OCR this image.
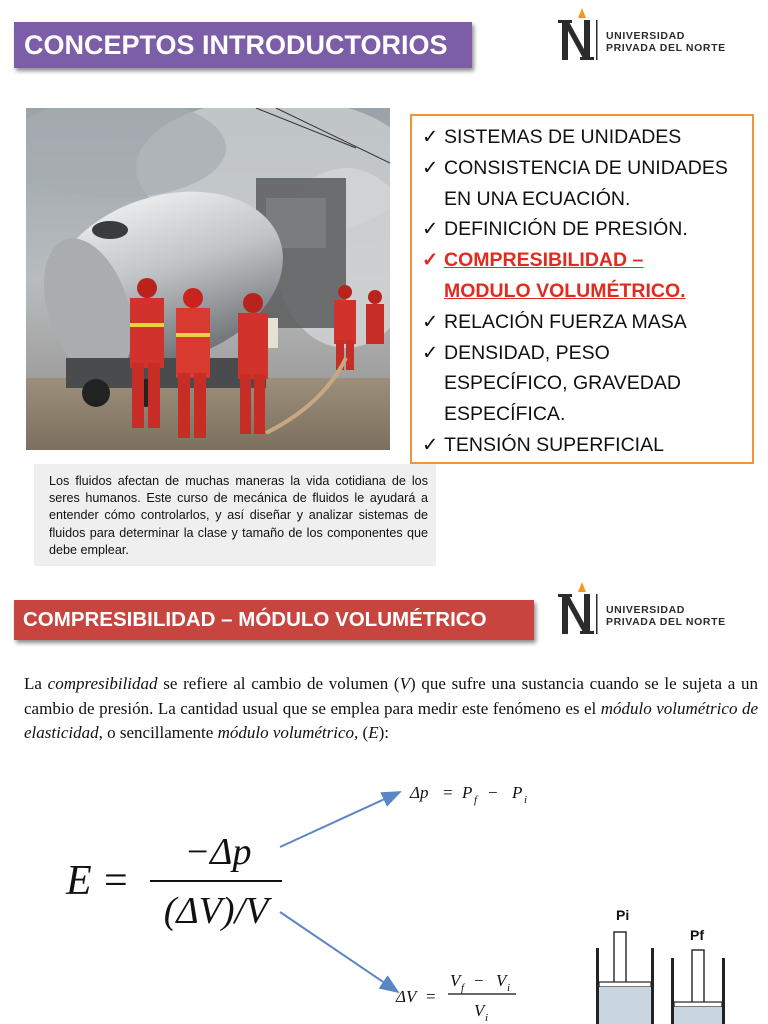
CONCEPTOS INTRODUCTORIOS	UNIVERSIDAD
PRIVADA DEL NORTE
✓ SISTEMAS DE UNIDADES
✓ CONSISTENCIA DE UNIDADES
EN UNA ECUACIÓN.
✓ DEFINICIÓN DE PRESIÓN.
✓ COMPRESIBILIDAD –
MODULO VOLUMÉTRICO.
✓ RELACIÓN FUERZA MASA
✓ DENSIDAD, PESO
ESPECÍFICO, GRAVEDAD
ESPECÍFICA.
✓ TENSIÓN SUPERFICIAL
Los fluidos afectan de muchas maneras la vida cotidiana de los seres humanos. Este curso de mecánica de fluidos le ayudará a entender cómo controlarlos, y así diseñar y analizar sistemas de fluidos para determinar la clase y tamaño de los componentes que debe emplear.
COMPRESIBILIDAD – MÓDULO VOLUMÉTRICO	UNIVERSIDAD
PRIVADA DEL NORTE
La compresibilidad se refiere al cambio de volumen (V) que sufre una sustancia cuando se le sujeta a un cambio de presión. La cantidad usual que se emplea para medir este fenómeno es el módulo volumétrico de elasticidad, o sencillamente módulo volumétrico, (E):
E =
−Δp
(ΔV)/V
Δp = P f − P i
ΔV =
V f − V i
V i
Pi
Pf
